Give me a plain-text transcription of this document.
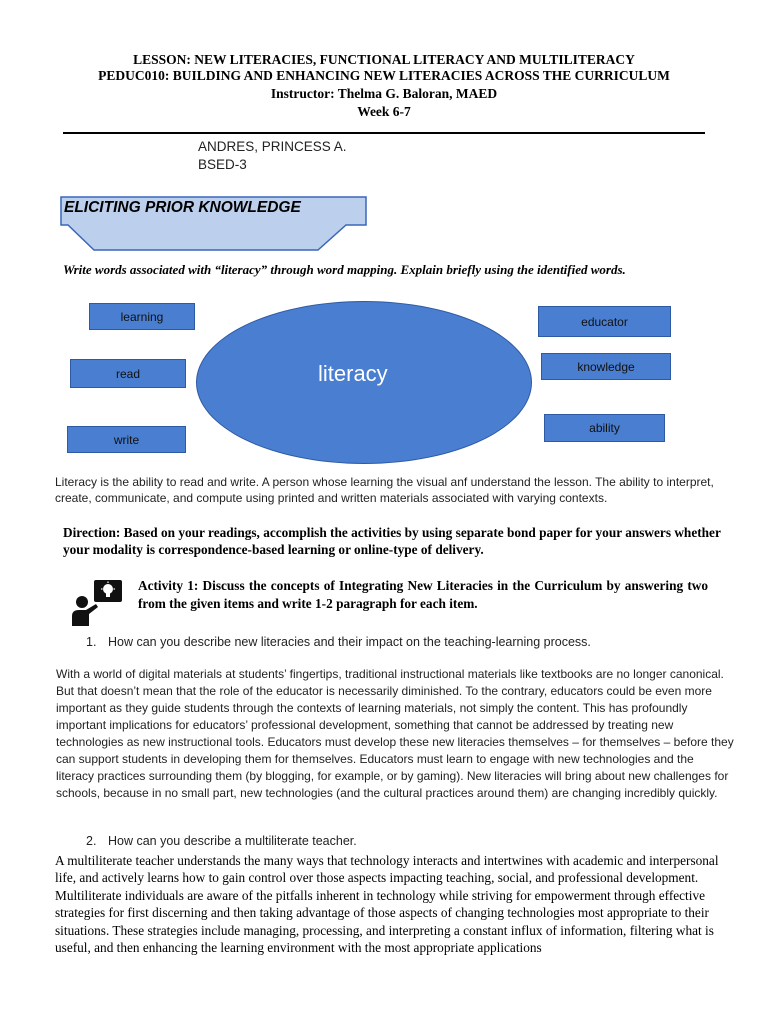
LESSON: NEW LITERACIES, FUNCTIONAL LITERACY AND MULTILITERACY
PEDUC010: BUILDING AND ENHANCING NEW LITERACIES ACROSS THE CURRICULUM
Instructor: Thelma G. Baloran, MAED
Week 6-7
ANDRES, PRINCESS A.
BSED-3
ELICITING PRIOR KNOWLEDGE
Write words associated with “literacy” through word mapping. Explain briefly using the identified words.
literacy
learning
read
write
educator
knowledge
ability
Literacy is the ability to read and write. A person whose learning the visual anf understand the lesson. The ability to interpret, create, communicate, and compute using printed and written materials associated with varying contexts.
Direction: Based on your readings, accomplish the activities by using separate bond paper for your answers whether your modality is correspondence-based learning or online-type of delivery.
Activity 1: Discuss the concepts of Integrating New Literacies in the Curriculum by answering two from the given items and write 1-2 paragraph for each item.
1. How can you describe new literacies and their impact on the teaching-learning process.
With a world of digital materials at students’ fingertips, traditional instructional materials like textbooks are no longer canonical. But that doesn’t mean that the role of the educator is necessarily diminished. To the contrary, educators could be even more important as they guide students through the contexts of learning materials, not simply the content. This has profoundly important implications for educators’ professional development, something that cannot be addressed by treating new technologies as new instructional tools. Educators must develop these new literacies themselves – for themselves – before they can support students in developing them for themselves. Educators must learn to engage with new technologies and the literacy practices surrounding them (by blogging, for example, or by gaming). New literacies will bring about new challenges for schools, because in no small part, new technologies (and the cultural practices around them) are changing incredibly quickly.
2. How can you describe a multiliterate teacher.
A multiliterate teacher understands the many ways that technology interacts and intertwines with academic and interpersonal life, and actively learns how to gain control over those aspects impacting teaching, social, and professional development. Multiliterate individuals are aware of the pitfalls inherent in technology while striving for empowerment through effective strategies for first discerning and then taking advantage of those aspects of changing technologies most appropriate to their situations. These strategies include managing, processing, and interpreting a constant influx of information, filtering what is useful, and then enhancing the learning environment with the most appropriate applications
